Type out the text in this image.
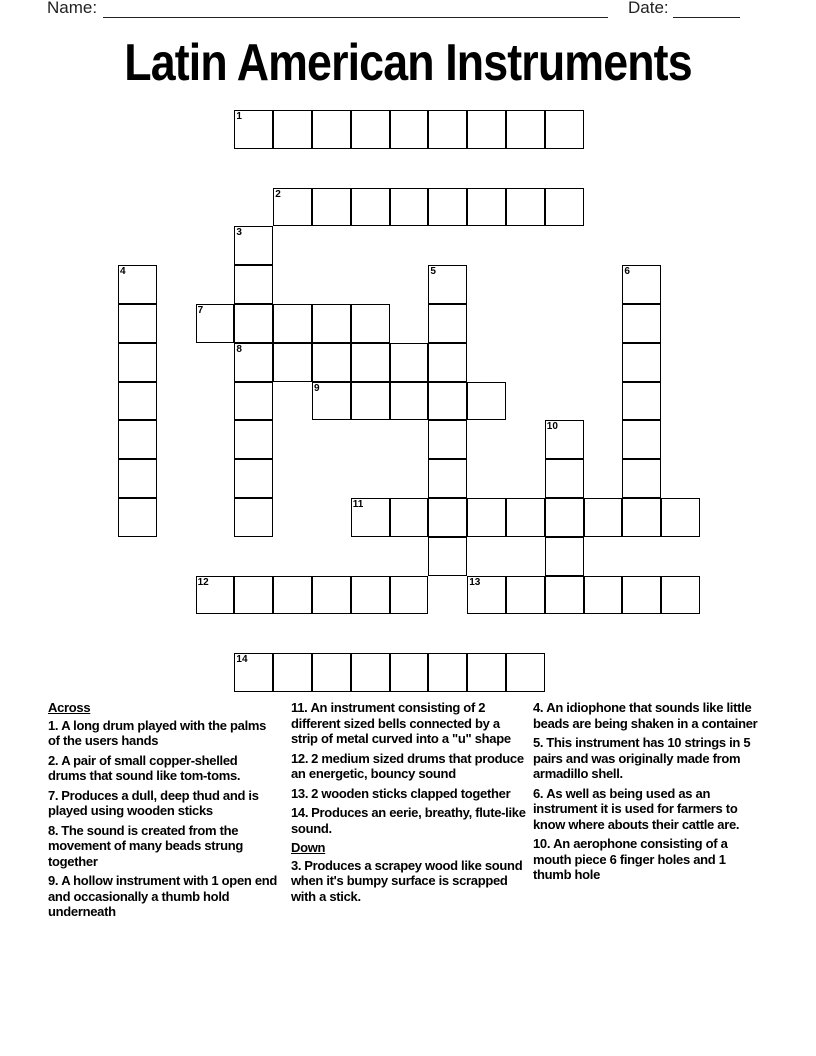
Name:	Date:
Latin American Instruments
1
2
3
8
4	5	6
7
9
10
11
12	13
14
Across
1. A long drum played with the palms of the users hands
2. A pair of small copper-shelled drums that sound like tom-toms.
7. Produces a dull, deep thud and is played using wooden sticks
8. The sound is created from the movement of many beads strung together
9. A hollow instrument with 1 open end and occasionally a thumb hold underneath
11. An instrument consisting of 2 different sized bells connected by a strip of metal curved into a "u" shape
12. 2 medium sized drums that produce an energetic, bouncy sound
13. 2 wooden sticks clapped together
14. Produces an eerie, breathy, flute-like sound.
Down
3. Produces a scrapey wood like sound when it's bumpy surface is scrapped with a stick.
4. An idiophone that sounds like little beads are being shaken in a container
5. This instrument has 10 strings in 5 pairs and was originally made from armadillo shell.
6. As well as being used as an instrument it is used for farmers to know where abouts their cattle are.
10. An aerophone consisting of a mouth piece 6 finger holes and 1 thumb hole
